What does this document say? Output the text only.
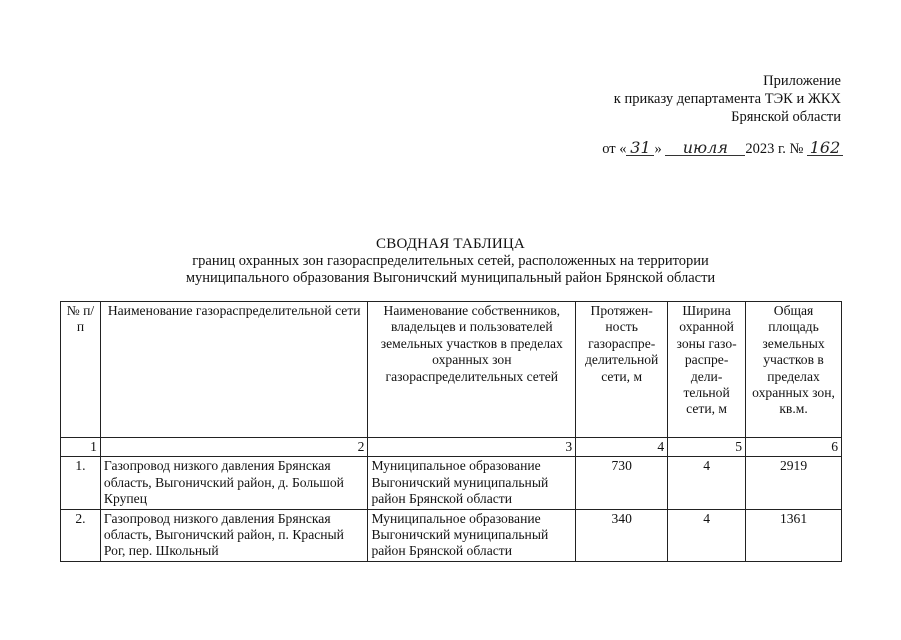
Приложение
к приказу департамента ТЭК и ЖКХ
Брянской области
от « 31 » июля 2023 г. № 162
СВОДНАЯ ТАБЛИЦА
границ охранных зон газораспределительных сетей, расположенных на территории
муниципального образования Выгоничский муниципальный район Брянской области
№ п/п	Наименование газораспределительной сети	Наименование собственников, владельцев и пользователей земельных участков в пределах охранных зон газораспределительных сетей	Протяжен-ность газораспре-делительной сети, м	Ширина охранной зоны газо-распре-дели-тельной сети, м	Общая площадь земельных участков в пределах охранных зон, кв.м.
1	2	3	4	5	6
1.	Газопровод низкого давления Брянская область, Выгоничский район, д. Большой Крупец	Муниципальное образование Выгоничский муниципальный район Брянской области	730	4	2919
2.	Газопровод низкого давления Брянская область, Выгоничский район, п. Красный Рог, пер. Школьный	Муниципальное образование Выгоничский муниципальный район Брянской области	340	4	1361
